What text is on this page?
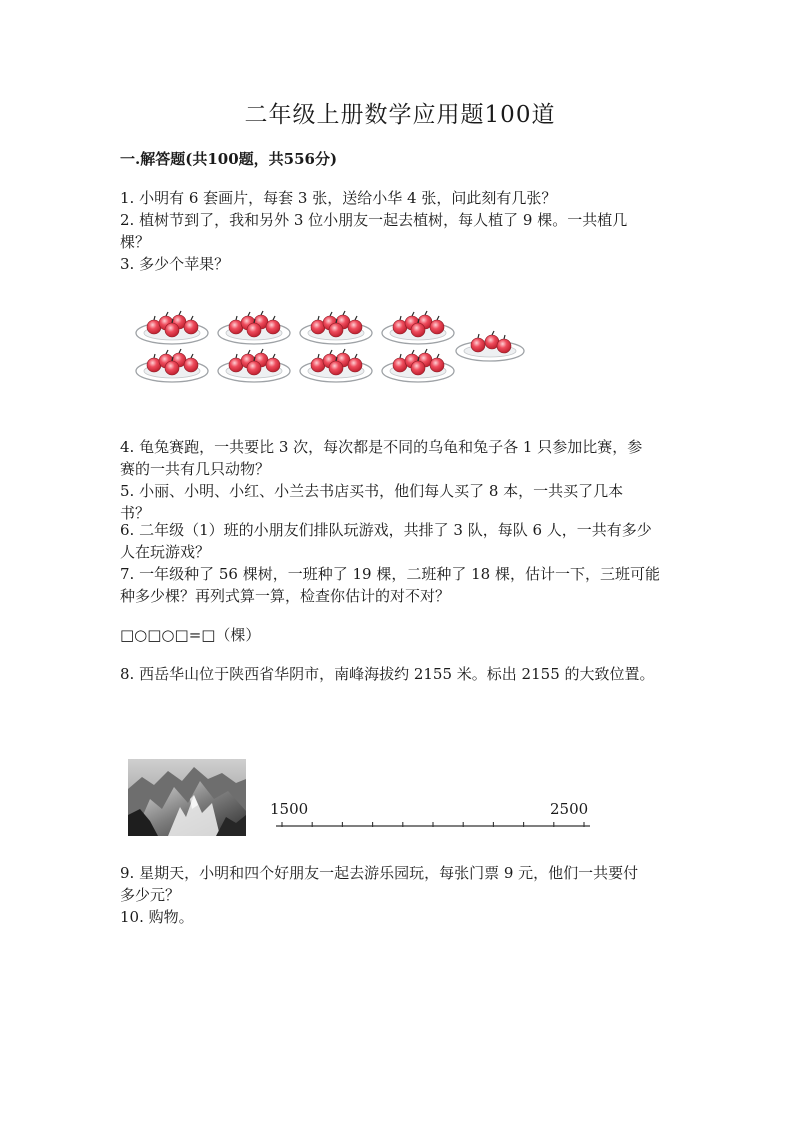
二年级上册数学应用题100道
一.解答题(共100题，共556分)
1. 小明有 6 套画片，每套 3 张，送给小华 4 张，问此刻有几张？
2. 植树节到了，我和另外 3 位小朋友一起去植树，每人植了 9 棵。一共植几
棵？
3. 多少个苹果？
4. 龟兔赛跑，一共要比 3 次，每次都是不同的乌龟和兔子各 1 只参加比赛，参
赛的一共有几只动物？
5. 小丽、小明、小红、小兰去书店买书，他们每人买了 8 本，一共买了几本
书？
6. 二年级（1）班的小朋友们排队玩游戏，共排了 3 队，每队 6 人，一共有多少
人在玩游戏？
7. 一年级种了 56 棵树，一班种了 19 棵，二班种了 18 棵，估计一下，三班可能
种多少棵？再列式算一算，检查你估计的对不对？
□○□○□=□（棵）
8. 西岳华山位于陕西省华阴市，南峰海拔约 2155 米。标出 2155 的大致位置。
1500	2500
9. 星期天，小明和四个好朋友一起去游乐园玩，每张门票 9 元，他们一共要付
多少元？
10. 购物。
